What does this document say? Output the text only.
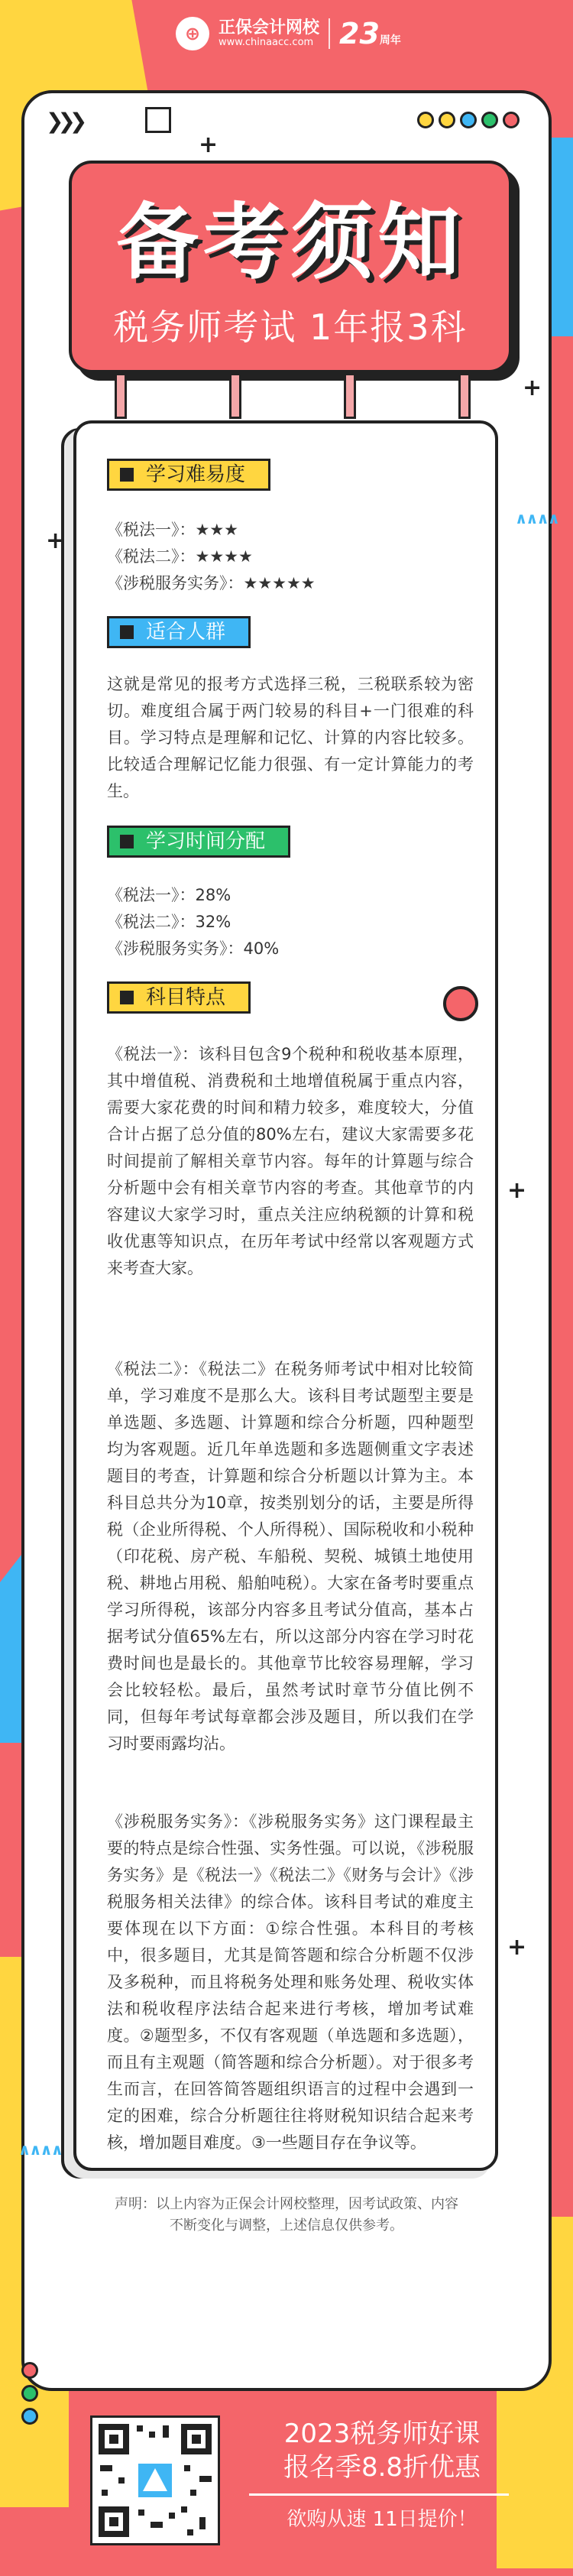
⊕	正保会计网校
www.chinaacc.com 23周年
❯❯❯
备考须知
税务师考试 1年报3科
学习难易度
《税法一》：★★★
《税法二》：★★★★
《涉税服务实务》：★★★★★
适合人群

这就是常见的报考方式选择三税，三税联系较为密切。难度组合属于两门较易的科目+一门很难的科目。学习特点是理解和记忆、计算的内容比较多。比较适合理解记忆能力很强、有一定计算能力的考生。

学习时间分配
《税法一》：28%
《税法二》：32%
《涉税服务实务》：40%
科目特点

《税法一》：该科目包含9个税种和税收基本原理，其中增值税、消费税和土地增值税属于重点内容，需要大家花费的时间和精力较多，难度较大，分值合计占据了总分值的80%左右，建议大家需要多花时间提前了解相关章节内容。每年的计算题与综合分析题中会有相关章节内容的考查。其他章节的内容建议大家学习时，重点关注应纳税额的计算和税收优惠等知识点，在历年考试中经常以客观题方式来考查大家。

《税法二》：《税法二》在税务师考试中相对比较简单，学习难度不是那么大。该科目考试题型主要是单选题、多选题、计算题和综合分析题，四种题型均为客观题。近几年单选题和多选题侧重文字表述题目的考查，计算题和综合分析题以计算为主。本科目总共分为10章，按类别划分的话，主要是所得税（企业所得税、个人所得税）、国际税收和小税种（印花税、房产税、车船税、契税、城镇土地使用税、耕地占用税、船舶吨税）。大家在备考时要重点学习所得税，该部分内容多且考试分值高，基本占据考试分值65%左右，所以这部分内容在学习时花费时间也是最长的。其他章节比较容易理解，学习会比较轻松。最后，虽然考试时章节分值比例不同，但每年考试每章都会涉及题目，所以我们在学习时要雨露均沾。

《涉税服务实务》：《涉税服务实务》这门课程最主要的特点是综合性强、实务性强。可以说，《涉税服务实务》是《税法一》《税法二》《财务与会计》《涉税服务相关法律》的综合体。该科目考试的难度主要体现在以下方面：①综合性强。本科目的考核中，很多题目，尤其是简答题和综合分析题不仅涉及多税种，而且将税务处理和账务处理、税收实体法和税收程序法结合起来进行考核，增加考试难度。②题型多，不仅有客观题（单选题和多选题），而且有主观题（简答题和综合分析题）。对于很多考生而言，在回答简答题组织语言的过程中会遇到一定的困难，综合分析题往往将财税知识结合起来考核，增加题目难度。③一些题目存在争议等。

+
+
+
+
+
∧∧∧∧
∧∧∧∧
声明：以上内容为正保会计网校整理，因考试政策、内容不断变化与调整，上述信息仅供参考。
2023税务师好课
报名季8.8折优惠
欲购从速 11日提价！
